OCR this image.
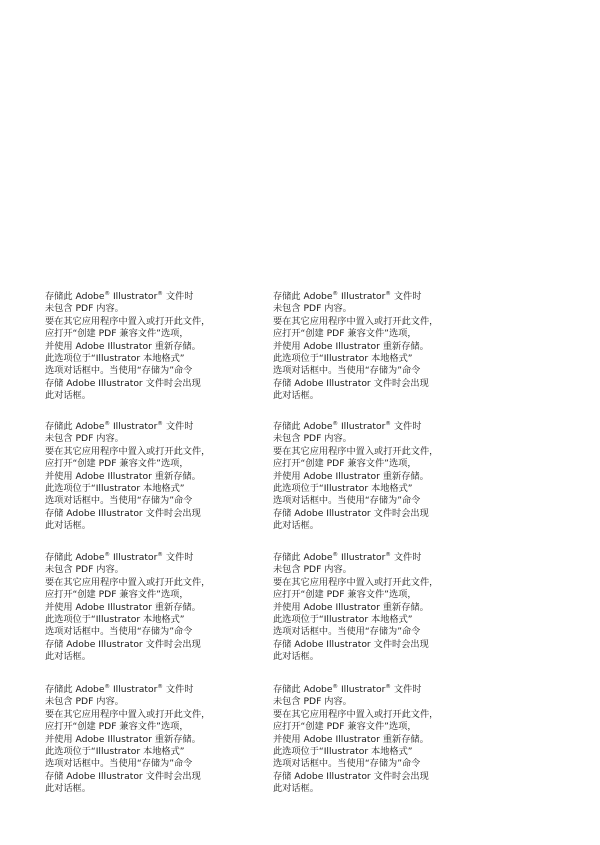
存储此 Adobe® Illustrator® 文件时
未包含 PDF 内容。
要在其它应用程序中置入或打开此文件，
应打开“创建 PDF 兼容文件”选项，
并使用 Adobe Illustrator 重新存储。
此选项位于“Illustrator 本地格式”
选项对话框中。当使用“存储为”命令
存储 Adobe Illustrator 文件时会出现
此对话框。
存储此 Adobe® Illustrator® 文件时
未包含 PDF 内容。
要在其它应用程序中置入或打开此文件，
应打开“创建 PDF 兼容文件”选项，
并使用 Adobe Illustrator 重新存储。
此选项位于“Illustrator 本地格式”
选项对话框中。当使用“存储为”命令
存储 Adobe Illustrator 文件时会出现
此对话框。
存储此 Adobe® Illustrator® 文件时
未包含 PDF 内容。
要在其它应用程序中置入或打开此文件，
应打开“创建 PDF 兼容文件”选项，
并使用 Adobe Illustrator 重新存储。
此选项位于“Illustrator 本地格式”
选项对话框中。当使用“存储为”命令
存储 Adobe Illustrator 文件时会出现
此对话框。
存储此 Adobe® Illustrator® 文件时
未包含 PDF 内容。
要在其它应用程序中置入或打开此文件，
应打开“创建 PDF 兼容文件”选项，
并使用 Adobe Illustrator 重新存储。
此选项位于“Illustrator 本地格式”
选项对话框中。当使用“存储为”命令
存储 Adobe Illustrator 文件时会出现
此对话框。
存储此 Adobe® Illustrator® 文件时
未包含 PDF 内容。
要在其它应用程序中置入或打开此文件，
应打开“创建 PDF 兼容文件”选项，
并使用 Adobe Illustrator 重新存储。
此选项位于“Illustrator 本地格式”
选项对话框中。当使用“存储为”命令
存储 Adobe Illustrator 文件时会出现
此对话框。
存储此 Adobe® Illustrator® 文件时
未包含 PDF 内容。
要在其它应用程序中置入或打开此文件，
应打开“创建 PDF 兼容文件”选项，
并使用 Adobe Illustrator 重新存储。
此选项位于“Illustrator 本地格式”
选项对话框中。当使用“存储为”命令
存储 Adobe Illustrator 文件时会出现
此对话框。
存储此 Adobe® Illustrator® 文件时
未包含 PDF 内容。
要在其它应用程序中置入或打开此文件，
应打开“创建 PDF 兼容文件”选项，
并使用 Adobe Illustrator 重新存储。
此选项位于“Illustrator 本地格式”
选项对话框中。当使用“存储为”命令
存储 Adobe Illustrator 文件时会出现
此对话框。
存储此 Adobe® Illustrator® 文件时
未包含 PDF 内容。
要在其它应用程序中置入或打开此文件，
应打开“创建 PDF 兼容文件”选项，
并使用 Adobe Illustrator 重新存储。
此选项位于“Illustrator 本地格式”
选项对话框中。当使用“存储为”命令
存储 Adobe Illustrator 文件时会出现
此对话框。
